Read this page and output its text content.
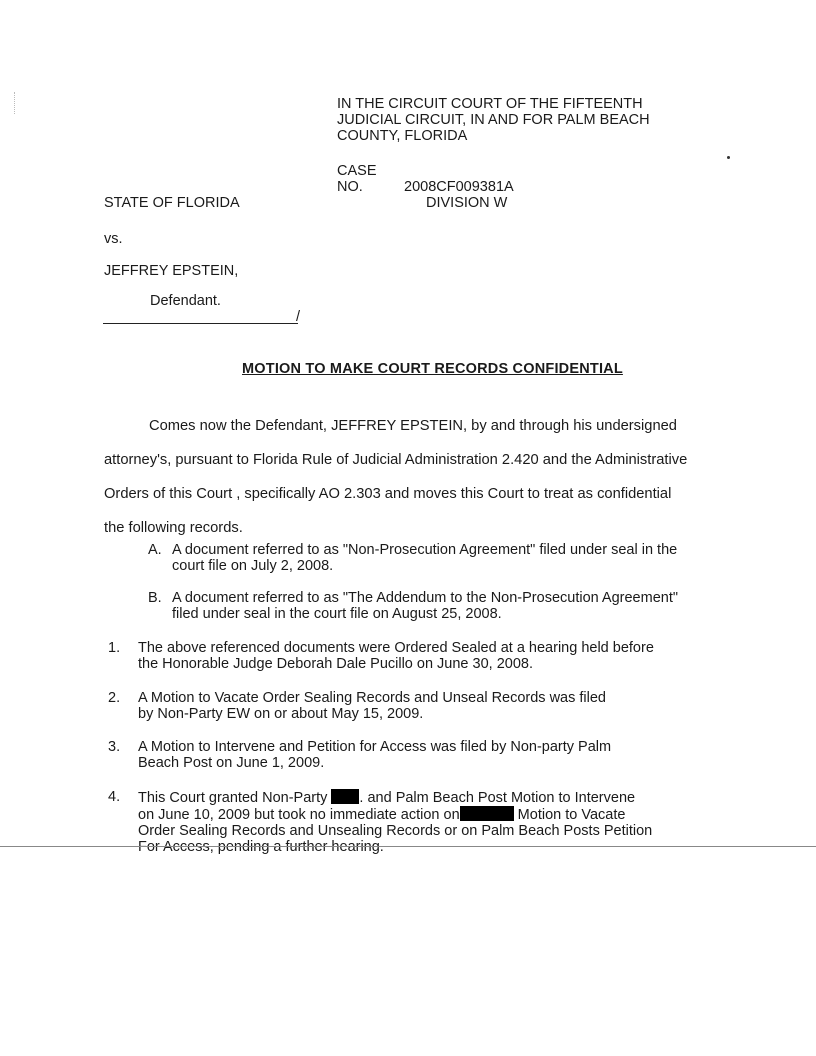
IN THE CIRCUIT COURT OF THE FIFTEENTH
JUDICIAL CIRCUIT, IN AND FOR PALM BEACH
COUNTY, FLORIDA
CASE NO.	2008CF009381A
DIVISION W
STATE OF FLORIDA
vs.
JEFFREY EPSTEIN,
Defendant.
/
MOTION TO MAKE COURT RECORDS CONFIDENTIAL

Comes now the Defendant, JEFFREY EPSTEIN, by and through his undersigned

attorney's, pursuant to Florida Rule of Judicial Administration 2.420 and the Administrative

Orders of this Court , specifically AO 2.303 and moves this Court to treat as confidential

the following records.

A. A document referred to as "Non-Prosecution Agreement" filed under seal in the
court file on July 2, 2008.
B. A document referred to as "The Addendum to the Non-Prosecution Agreement"
filed under seal in the court file on August 25, 2008.
1. The above referenced documents were Ordered Sealed at a hearing held before
the Honorable Judge Deborah Dale Pucillo on June 30, 2008.
2. A Motion to Vacate Order Sealing Records and Unseal Records was filed
by Non-Party EW on or about May 15, 2009.
3. A Motion to Intervene and Petition for Access was filed by Non-party Palm
Beach Post on June 1, 2009.
4. This Court granted Non-Party . and Palm Beach Post Motion to Intervene
on June 10, 2009 but took no immediate action on	Motion to Vacate
Order Sealing Records and Unsealing Records or on Palm Beach Posts Petition
For Access, pending a further hearing.
